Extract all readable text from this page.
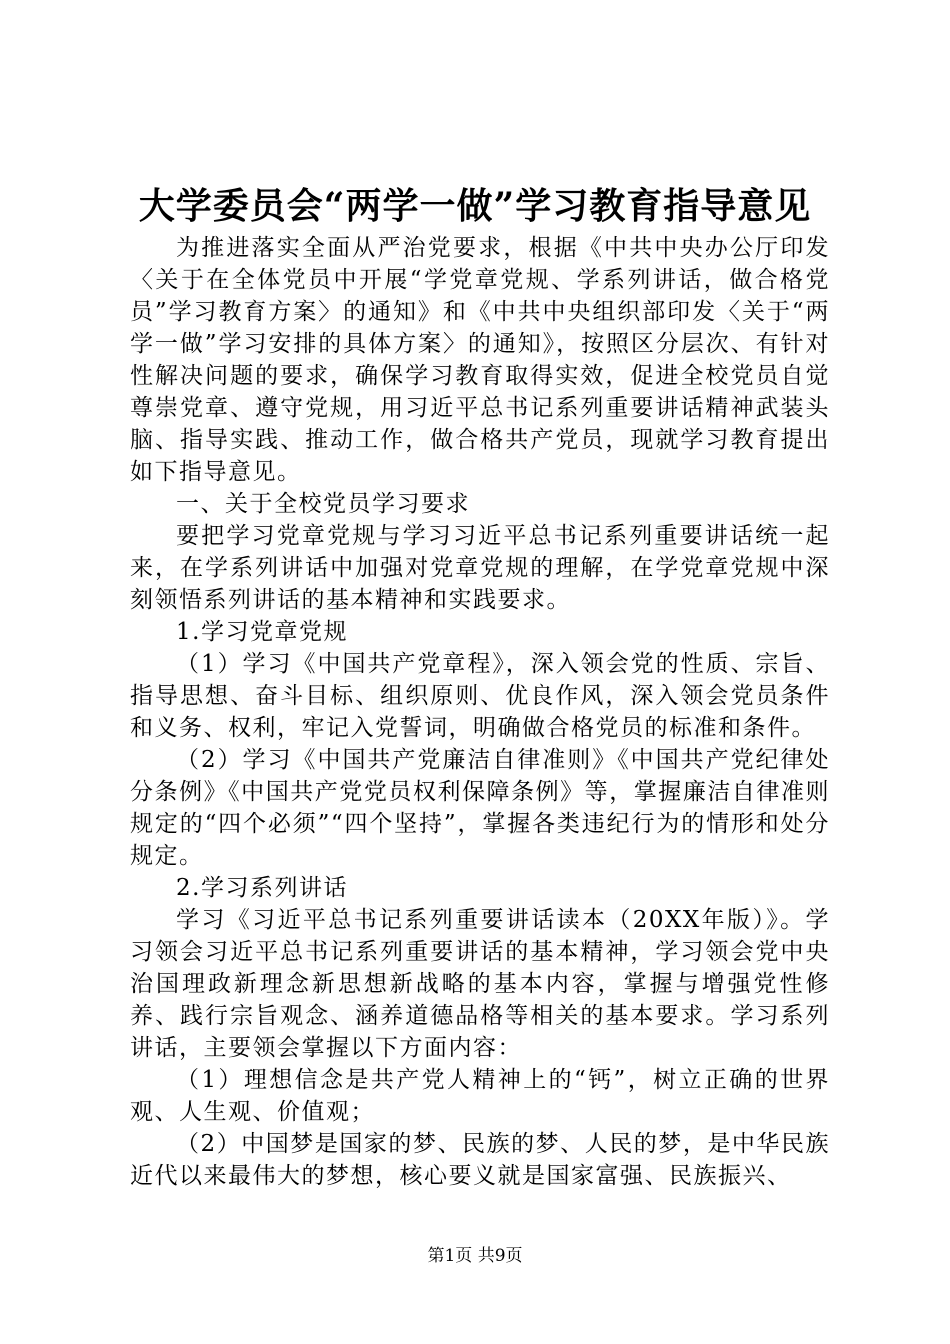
大学委员会“两学一做”学习教育指导意见

为推进落实全面从严治党要求，根据《中共中央办公厅印发〈关于在全体党员中开展“学党章党规、学系列讲话，做合格党员”学习教育方案〉的通知》和《中共中央组织部印发〈关于“两学一做”学习安排的具体方案〉的通知》，按照区分层次、有针对性解决问题的要求，确保学习教育取得实效，促进全校党员自觉尊崇党章、遵守党规，用习近平总书记系列重要讲话精神武装头脑、指导实践、推动工作，做合格共产党员，现就学习教育提出如下指导意见。

一、关于全校党员学习要求

要把学习党章党规与学习习近平总书记系列重要讲话统一起来，在学系列讲话中加强对党章党规的理解，在学党章党规中深刻领悟系列讲话的基本精神和实践要求。

1.学习党章党规

（1）学习《中国共产党章程》，深入领会党的性质、宗旨、指导思想、奋斗目标、组织原则、优良作风，深入领会党员条件和义务、权利，牢记入党誓词，明确做合格党员的标准和条件。

（2）学习《中国共产党廉洁自律准则》《中国共产党纪律处分条例》《中国共产党党员权利保障条例》等，掌握廉洁自律准则规定的“四个必须”“四个坚持”，掌握各类违纪行为的情形和处分规定。

2.学习系列讲话

学习《习近平总书记系列重要讲话读本（20XX年版）》。学习领会习近平总书记系列重要讲话的基本精神，学习领会党中央治国理政新理念新思想新战略的基本内容，掌握与增强党性修养、践行宗旨观念、涵养道德品格等相关的基本要求。学习系列讲话，主要领会掌握以下方面内容：

（1）理想信念是共产党人精神上的“钙”，树立正确的世界观、人生观、价值观；

（2）中国梦是国家的梦、民族的梦、人民的梦，是中华民族近代以来最伟大的梦想，核心要义就是国家富强、民族振兴、

第1页 共9页
